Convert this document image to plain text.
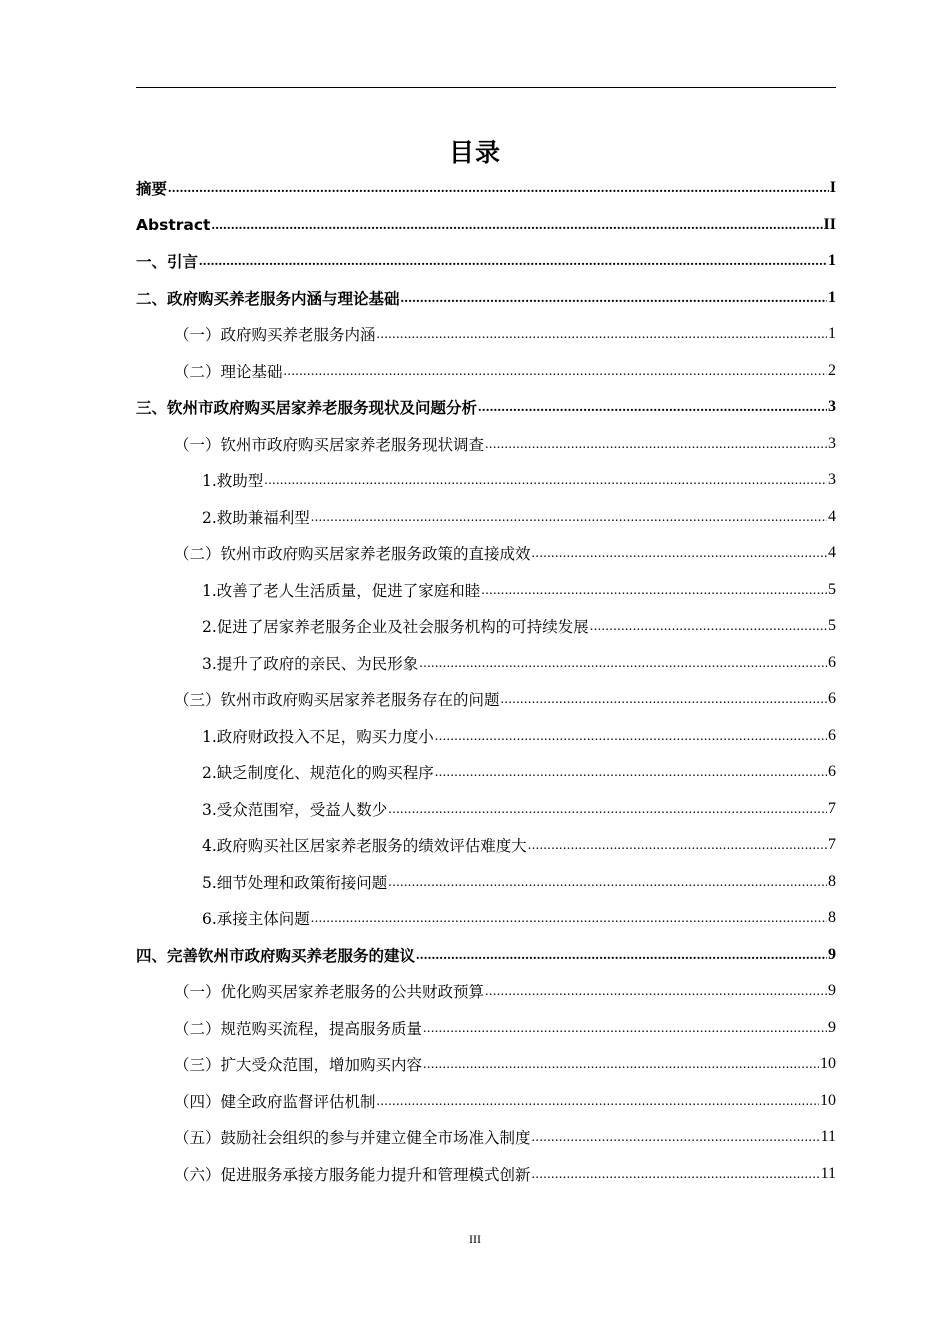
目录
摘要 . . .	I
Abstract . . .	II
一、引言 . . .	1
二、政府购买养老服务内涵与理论基础 . . .	1
（一）政府购买养老服务内涵 . . .	1
（二）理论基础 . . .	2
三、钦州市政府购买居家养老服务现状及问题分析 . . .	3
（一）钦州市政府购买居家养老服务现状调查 . . .	3
1.救助型 . . .	3
2.救助兼福利型 . . .	4
（二）钦州市政府购买居家养老服务政策的直接成效 . . .	4
1.改善了老人生活质量，促进了家庭和睦 . . .	5
2.促进了居家养老服务企业及社会服务机构的可持续发展 . . .	5
3.提升了政府的亲民、为民形象 . . .	6
（三）钦州市政府购买居家养老服务存在的问题 . . .	6
1.政府财政投入不足，购买力度小 . . .	6
2.缺乏制度化、规范化的购买程序 . . .	6
3.受众范围窄，受益人数少 . . .	7
4.政府购买社区居家养老服务的绩效评估难度大 . . .	7
5.细节处理和政策衔接问题 . . .	8
6.承接主体问题 . . .	8
四、完善钦州市政府购买养老服务的建议 . . .	9
（一）优化购买居家养老服务的公共财政预算 . . .	9
（二）规范购买流程，提高服务质量 . . .	9
（三）扩大受众范围，增加购买内容 . . .	10
（四）健全政府监督评估机制 . . .	10
（五）鼓励社会组织的参与并建立健全市场准入制度 . . .	11
（六）促进服务承接方服务能力提升和管理模式创新 . . .	11
III
